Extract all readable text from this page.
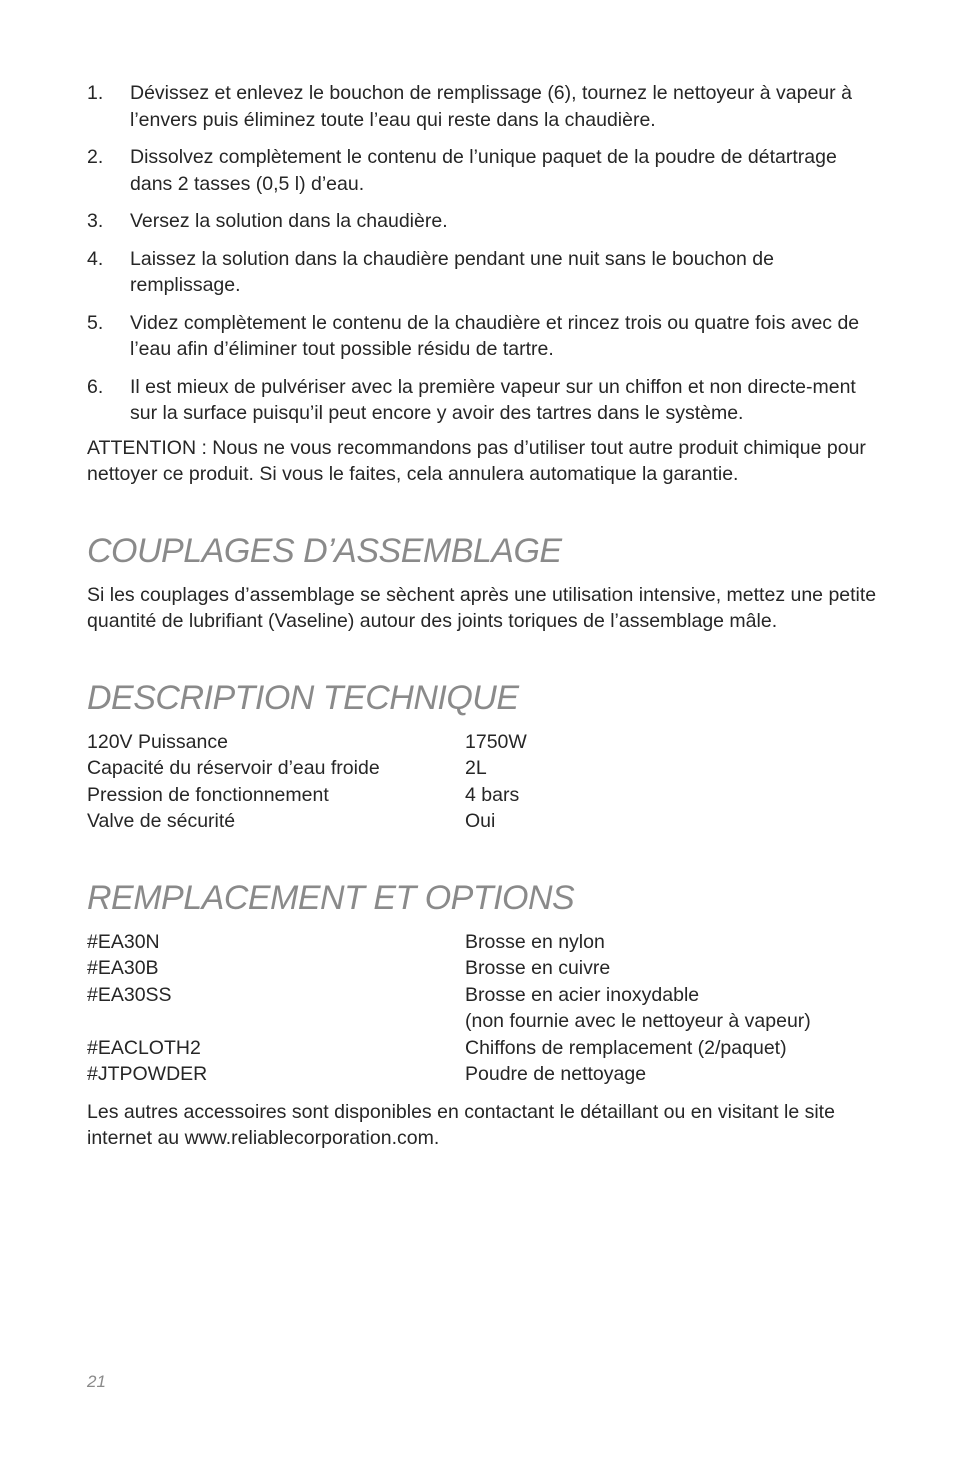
1.	Dévissez et enlevez le bouchon de remplissage (6), tournez le nettoyeur à vapeur à l’envers puis éliminez toute l’eau qui reste dans la chaudière.
2.	Dissolvez complètement le contenu de l’unique paquet de la poudre de détartrage dans 2 tasses (0,5 l) d’eau.
3.	Versez la solution dans la chaudière.
4.	Laissez la solution dans la chaudière pendant une nuit sans le bouchon de remplissage.
5.	Videz complètement le contenu de la chaudière et rincez trois ou quatre fois avec de l’eau afin d’éliminer tout possible résidu de tartre.
6.	Il est mieux de pulvériser avec la première vapeur sur un chiffon et non directe-ment sur la surface puisqu’il peut encore y avoir des tartres dans le système.

ATTENTION : Nous ne vous recommandons pas d’utiliser tout autre produit chimique pour nettoyer ce produit. Si vous le faites, cela annulera automatique la garantie.

COUPLAGES D’ASSEMBLAGE

Si les couplages d’assemblage se sèchent après une utilisation intensive, mettez une petite quantité de lubrifiant (Vaseline) autour des joints toriques de l’assemblage mâle.

DESCRIPTION TECHNIQUE
120V Puissance	1750W
Capacité du réservoir d’eau froide	2L
Pression de fonctionnement	4 bars
Valve de sécurité	Oui
REMPLACEMENT ET OPTIONS
#EA30N	Brosse en nylon
#EA30B	Brosse en cuivre
#EA30SS	Brosse en acier inoxydable
(non fournie avec le nettoyeur à vapeur)
#EACLOTH2	Chiffons de remplacement (2/paquet)
#JTPOWDER	Poudre de nettoyage

Les autres accessoires sont disponibles en contactant le détaillant ou en visitant le site internet au www.reliablecorporation.com.

21
